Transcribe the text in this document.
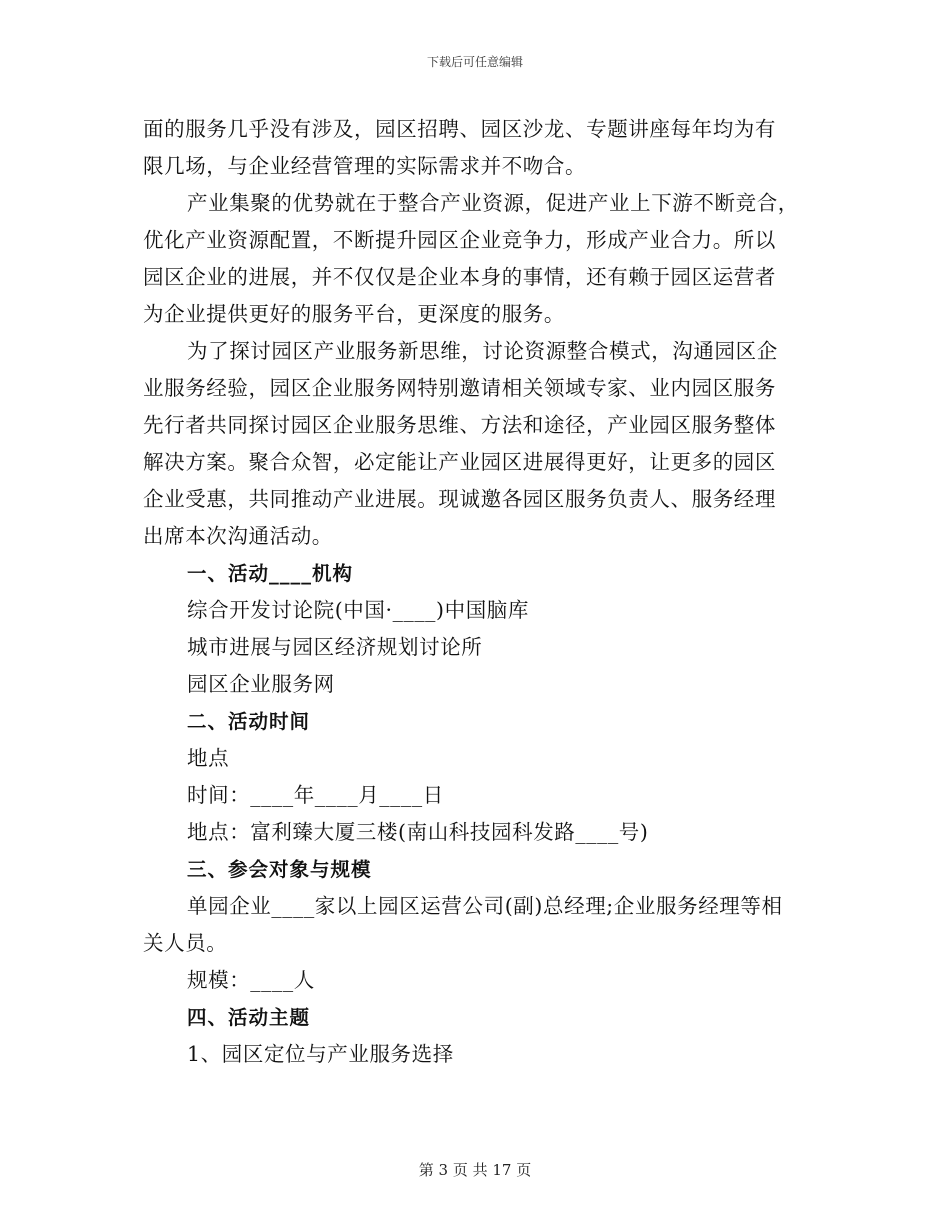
下载后可任意编辑
面的服务几乎没有涉及，园区招聘、园区沙龙、专题讲座每年均为有
限几场，与企业经营管理的实际需求并不吻合。
产业集聚的优势就在于整合产业资源，促进产业上下游不断竞合，
优化产业资源配置，不断提升园区企业竞争力，形成产业合力。所以
园区企业的进展，并不仅仅是企业本身的事情，还有赖于园区运营者
为企业提供更好的服务平台，更深度的服务。
为了探讨园区产业服务新思维，讨论资源整合模式，沟通园区企
业服务经验，园区企业服务网特别邀请相关领域专家、业内园区服务
先行者共同探讨园区企业服务思维、方法和途径，产业园区服务整体
解决方案。聚合众智，必定能让产业园区进展得更好，让更多的园区
企业受惠，共同推动产业进展。现诚邀各园区服务负责人、服务经理
出席本次沟通活动。
一、活动____机构
综合开发讨论院(中国·____)中国脑库
城市进展与园区经济规划讨论所
园区企业服务网
二、活动时间
地点
时间：____年____月____日
地点：富利臻大厦三楼(南山科技园科发路____号)
三、参会对象与规模
单园企业____家以上园区运营公司(副)总经理;企业服务经理等相
关人员。
规模：____人
四、活动主题
1、园区定位与产业服务选择
第 3 页 共 17 页
